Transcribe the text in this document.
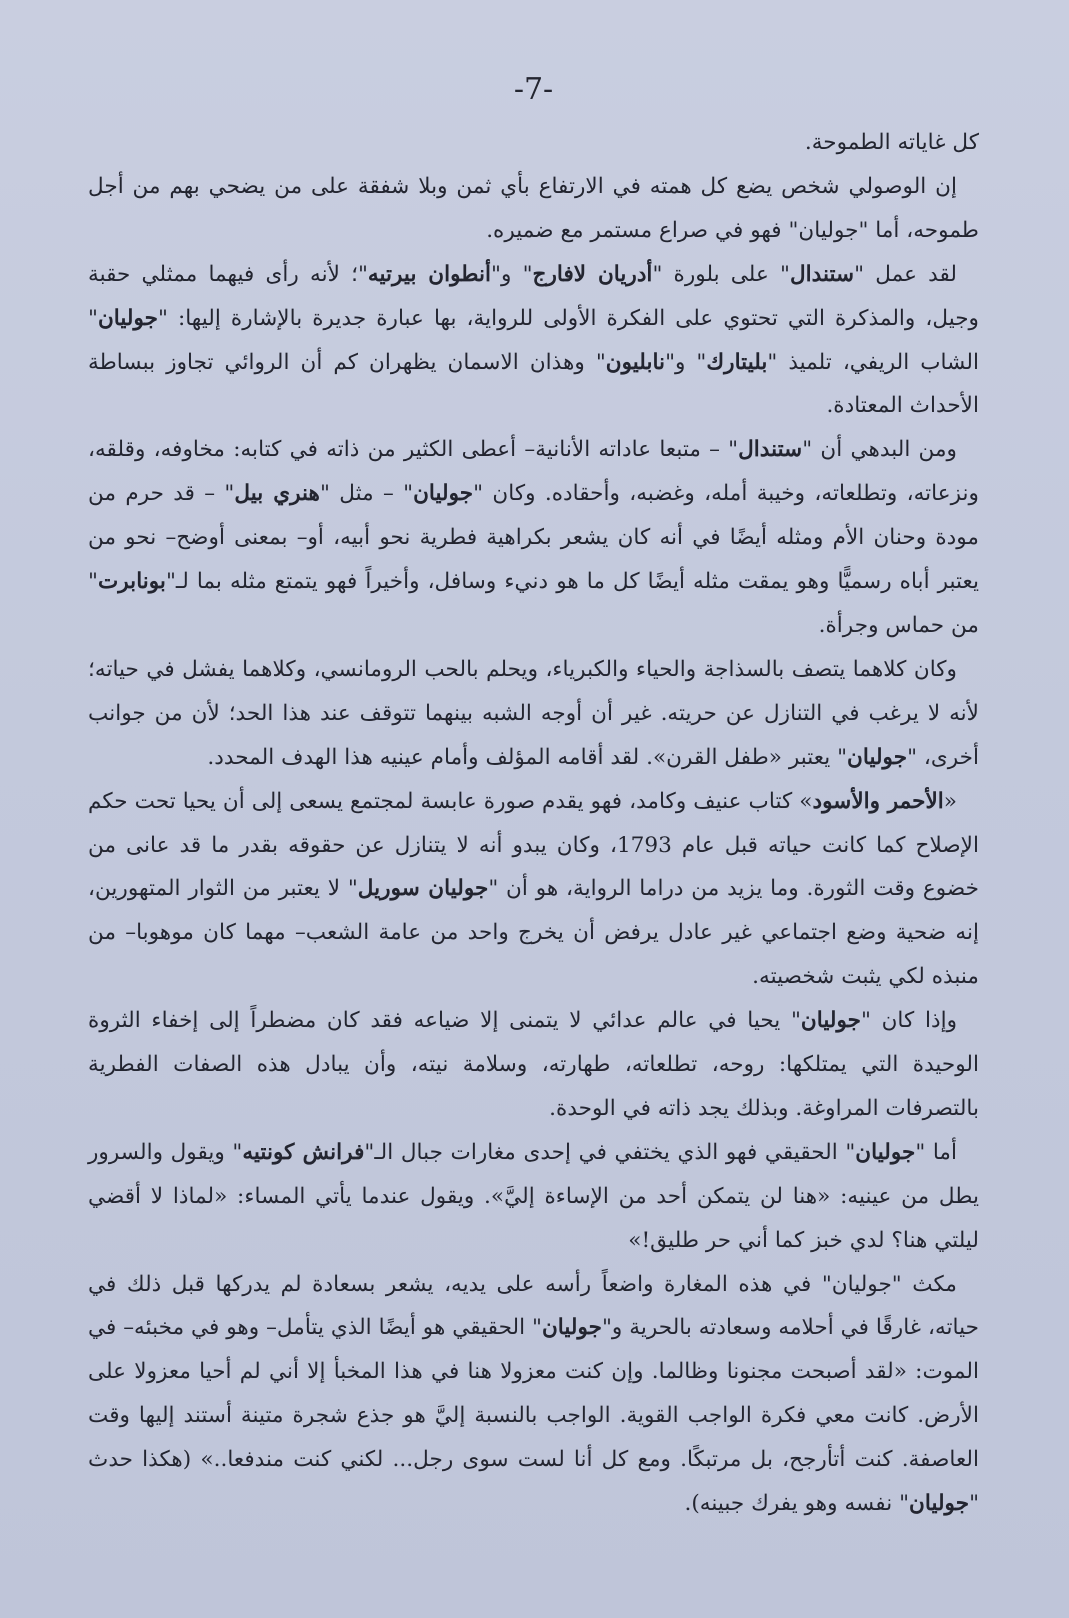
-7-

كل غاياته الطموحة.

إن الوصولي شخص يضع كل همته في الارتفاع بأي ثمن وبلا شفقة على من يضحي بهم من أجل طموحه، أما "جوليان" فهو في صراع مستمر مع ضميره.

لقد عمل "ستندال" على بلورة "أدريان لافارج" و"أنطوان بيرتيه"؛ لأنه رأى فيهما ممثلي حقبة وجيل، والمذكرة التي تحتوي على الفكرة الأولى للرواية، بها عبارة جديرة بالإشارة إليها: "جوليان" الشاب الريفي، تلميذ "بليتارك" و"نابليون" وهذان الاسمان يظهران كم أن الروائي تجاوز ببساطة الأحداث المعتادة.

ومن البدهي أن "ستندال" – متبعا عاداته الأنانية– أعطى الكثير من ذاته في كتابه: مخاوفه، وقلقه، ونزعاته، وتطلعاته، وخيبة أمله، وغضبه، وأحقاده. وكان "جوليان" – مثل "هنري بيل" – قد حرم من مودة وحنان الأم ومثله أيضًا في أنه كان يشعر بكراهية فطرية نحو أبيه، أو– بمعنى أوضح– نحو من يعتبر أباه رسميًّا وهو يمقت مثله أيضًا كل ما هو دنيء وسافل، وأخيراً فهو يتمتع مثله بما لـ"بونابرت" من حماس وجرأة.

وكان كلاهما يتصف بالسذاجة والحياء والكبرياء، ويحلم بالحب الرومانسي، وكلاهما يفشل في حياته؛ لأنه لا يرغب في التنازل عن حريته. غير أن أوجه الشبه بينهما تتوقف عند هذا الحد؛ لأن من جوانب أخرى، "جوليان" يعتبر «طفل القرن». لقد أقامه المؤلف وأمام عينيه هذا الهدف المحدد.

«الأحمر والأسود» كتاب عنيف وكامد، فهو يقدم صورة عابسة لمجتمع يسعى إلى أن يحيا تحت حكم الإصلاح كما كانت حياته قبل عام 1793، وكان يبدو أنه لا يتنازل عن حقوقه بقدر ما قد عانى من خضوع وقت الثورة. وما يزيد من دراما الرواية، هو أن "جوليان سوريل" لا يعتبر من الثوار المتهورين، إنه ضحية وضع اجتماعي غير عادل يرفض أن يخرج واحد من عامة الشعب– مهما كان موهوبا– من منبذه لكي يثبت شخصيته.

وإذا كان "جوليان" يحيا في عالم عدائي لا يتمنى إلا ضياعه فقد كان مضطراً إلى إخفاء الثروة الوحيدة التي يمتلكها: روحه، تطلعاته، طهارته، وسلامة نيته، وأن يبادل هذه الصفات الفطرية بالتصرفات المراوغة. وبذلك يجد ذاته في الوحدة.

أما "جوليان" الحقيقي فهو الذي يختفي في إحدى مغارات جبال الـ"فرانش كونتيه" ويقول والسرور يطل من عينيه: «هنا لن يتمكن أحد من الإساءة إليَّ». ويقول عندما يأتي المساء: «لماذا لا أقضي ليلتي هنا؟ لدي خبز كما أني حر طليق!»

مكث "جوليان" في هذه المغارة واضعاً رأسه على يديه، يشعر بسعادة لم يدركها قبل ذلك في حياته، غارقًا في أحلامه وسعادته بالحرية و"جوليان" الحقيقي هو أيضًا الذي يتأمل– وهو في مخبئه– في الموت: «لقد أصبحت مجنونا وظالما. وإن كنت معزولا هنا في هذا المخبأ إلا أني لم أحيا معزولا على الأرض. كانت معي فكرة الواجب القوية. الواجب بالنسبة إليَّ هو جذع شجرة متينة أستند إليها وقت العاصفة. كنت أتأرجح، بل مرتبكًا. ومع كل أنا لست سوى رجل... لكني كنت مندفعا..» (هكذا حدث "جوليان" نفسه وهو يفرك جبينه).
